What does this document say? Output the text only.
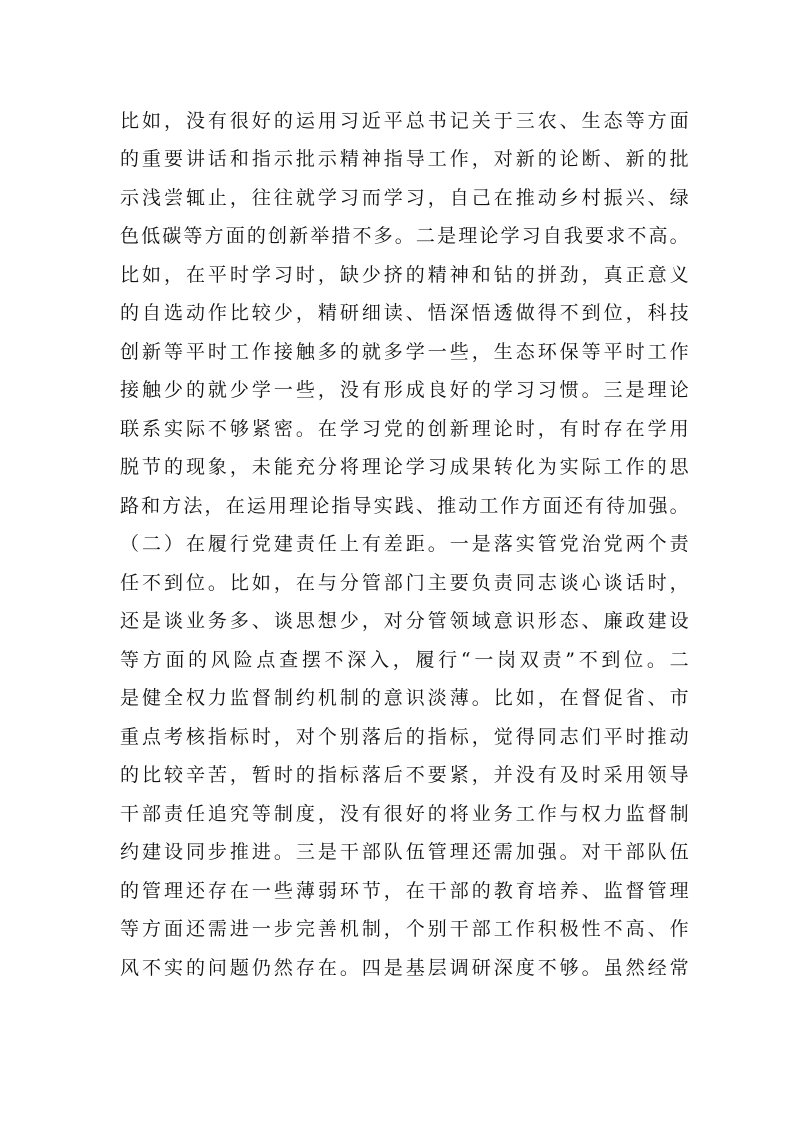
比如，没有很好的运用习近平总书记关于三农、生态等方面
的重要讲话和指示批示精神指导工作，对新的论断、新的批
示浅尝辄止，往往就学习而学习，自己在推动乡村振兴、绿
色低碳等方面的创新举措不多。二是理论学习自我要求不高。
比如，在平时学习时，缺少挤的精神和钻的拼劲，真正意义
的自选动作比较少，精研细读、悟深悟透做得不到位，科技
创新等平时工作接触多的就多学一些，生态环保等平时工作
接触少的就少学一些，没有形成良好的学习习惯。三是理论
联系实际不够紧密。在学习党的创新理论时，有时存在学用
脱节的现象，未能充分将理论学习成果转化为实际工作的思
路和方法，在运用理论指导实践、推动工作方面还有待加强。
（二）在履行党建责任上有差距。一是落实管党治党两个责
任不到位。比如，在与分管部门主要负责同志谈心谈话时，
还是谈业务多、谈思想少，对分管领域意识形态、廉政建设
等方面的风险点查摆不深入，履行“一岗双责”不到位。二
是健全权力监督制约机制的意识淡薄。比如，在督促省、市
重点考核指标时，对个别落后的指标，觉得同志们平时推动
的比较辛苦，暂时的指标落后不要紧，并没有及时采用领导
干部责任追究等制度，没有很好的将业务工作与权力监督制
约建设同步推进。三是干部队伍管理还需加强。对干部队伍
的管理还存在一些薄弱环节，在干部的教育培养、监督管理
等方面还需进一步完善机制，个别干部工作积极性不高、作
风不实的问题仍然存在。四是基层调研深度不够。虽然经常
